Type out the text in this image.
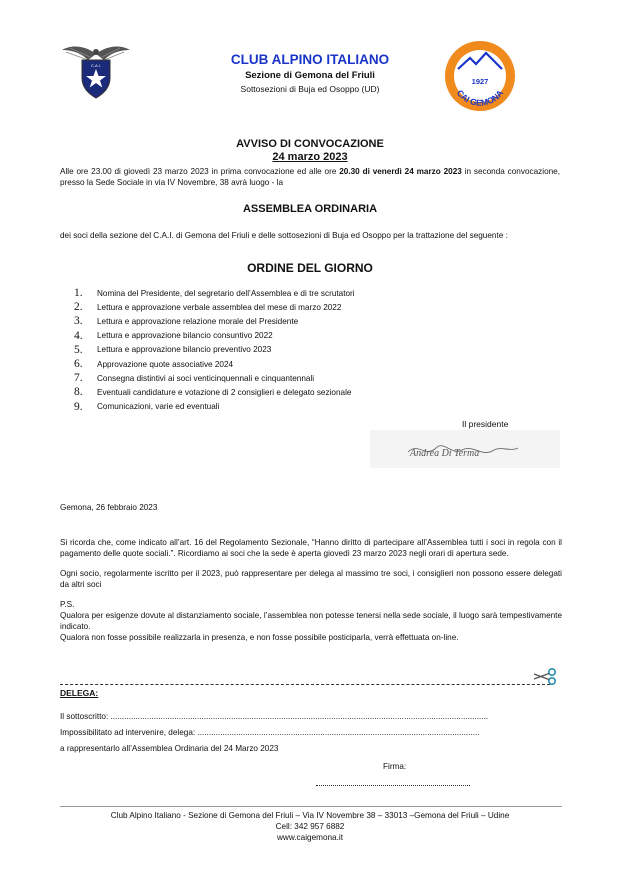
C.A.I.	CLUB ALPINO ITALIANO
Sezione di Gemona del Friuli
Sottosezioni di Buja ed Osoppo (UD)
1927
CAI GEMONA
AVVISO DI CONVOCAZIONE
24 marzo 2023
Alle ore 23.00 di giovedì 23 marzo 2023 in prima convocazione ed alle ore 20.30 di venerdì 24 marzo 2023 in seconda convocazione, presso la Sede Sociale in via IV Novembre, 38 avrà luogo - la
ASSEMBLEA ORDINARIA
dei soci della sezione del C.A.I. di Gemona del Friuli e delle sottosezioni di Buja ed Osoppo per la trattazione del seguente :
ORDINE DEL GIORNO
1.	Nomina del Presidente, del segretario dell’Assemblea e di tre scrutatori
2.	Lettura e approvazione verbale assemblea del mese di marzo 2022
3.	Lettura e approvazione relazione morale del Presidente
4.	Lettura e approvazione bilancio consuntivo 2022
5.	Lettura e approvazione bilancio preventivo 2023
6.	Approvazione quote associative 2024
7.	Consegna distintivi ai soci venticinquennali e cinquantennali
8.	Eventuali candidature e votazione di 2 consiglieri e delegato sezionale
9.	Comunicazioni, varie ed eventuali
Il presidente
Andrea Di Terma
Gemona, 26 febbraio 2023
Si ricorda che, come indicato all’art. 16 del Regolamento Sezionale, “Hanno diritto di partecipare all’Assemblea tutti i soci in regola con il pagamento delle quote sociali.”. Ricordiamo ai soci che la sede è aperta giovedì 23 marzo 2023 negli orari di apertura sede.
Ogni socio, regolarmente iscritto per il 2023, può rappresentare per delega al massimo tre soci, i consiglieri non possono essere delegati da altri soci
P.S.
Qualora per esigenze dovute al distanziamento sociale, l’assemblea non potesse tenersi nella sede sociale, il luogo sarà tempestivamente indicato.
Qualora non fosse possibile realizzarla in presenza, e non fosse possibile posticiparla, verrà effettuata on-line.
DELEGA:
Il sottoscritto: ......................................................................................................................................................................
Impossibilitato ad intervenire, delega: ............................................................................................................................
a rappresentarlo all’Assemblea Ordinaria del 24 Marzo 2023
Firma:
Club Alpino Italiano - Sezione di Gemona del Friuli – Via IV Novembre 38 – 33013 –Gemona del Friuli – Udine
Cell: 342 957 6882
www.caigemona.it
